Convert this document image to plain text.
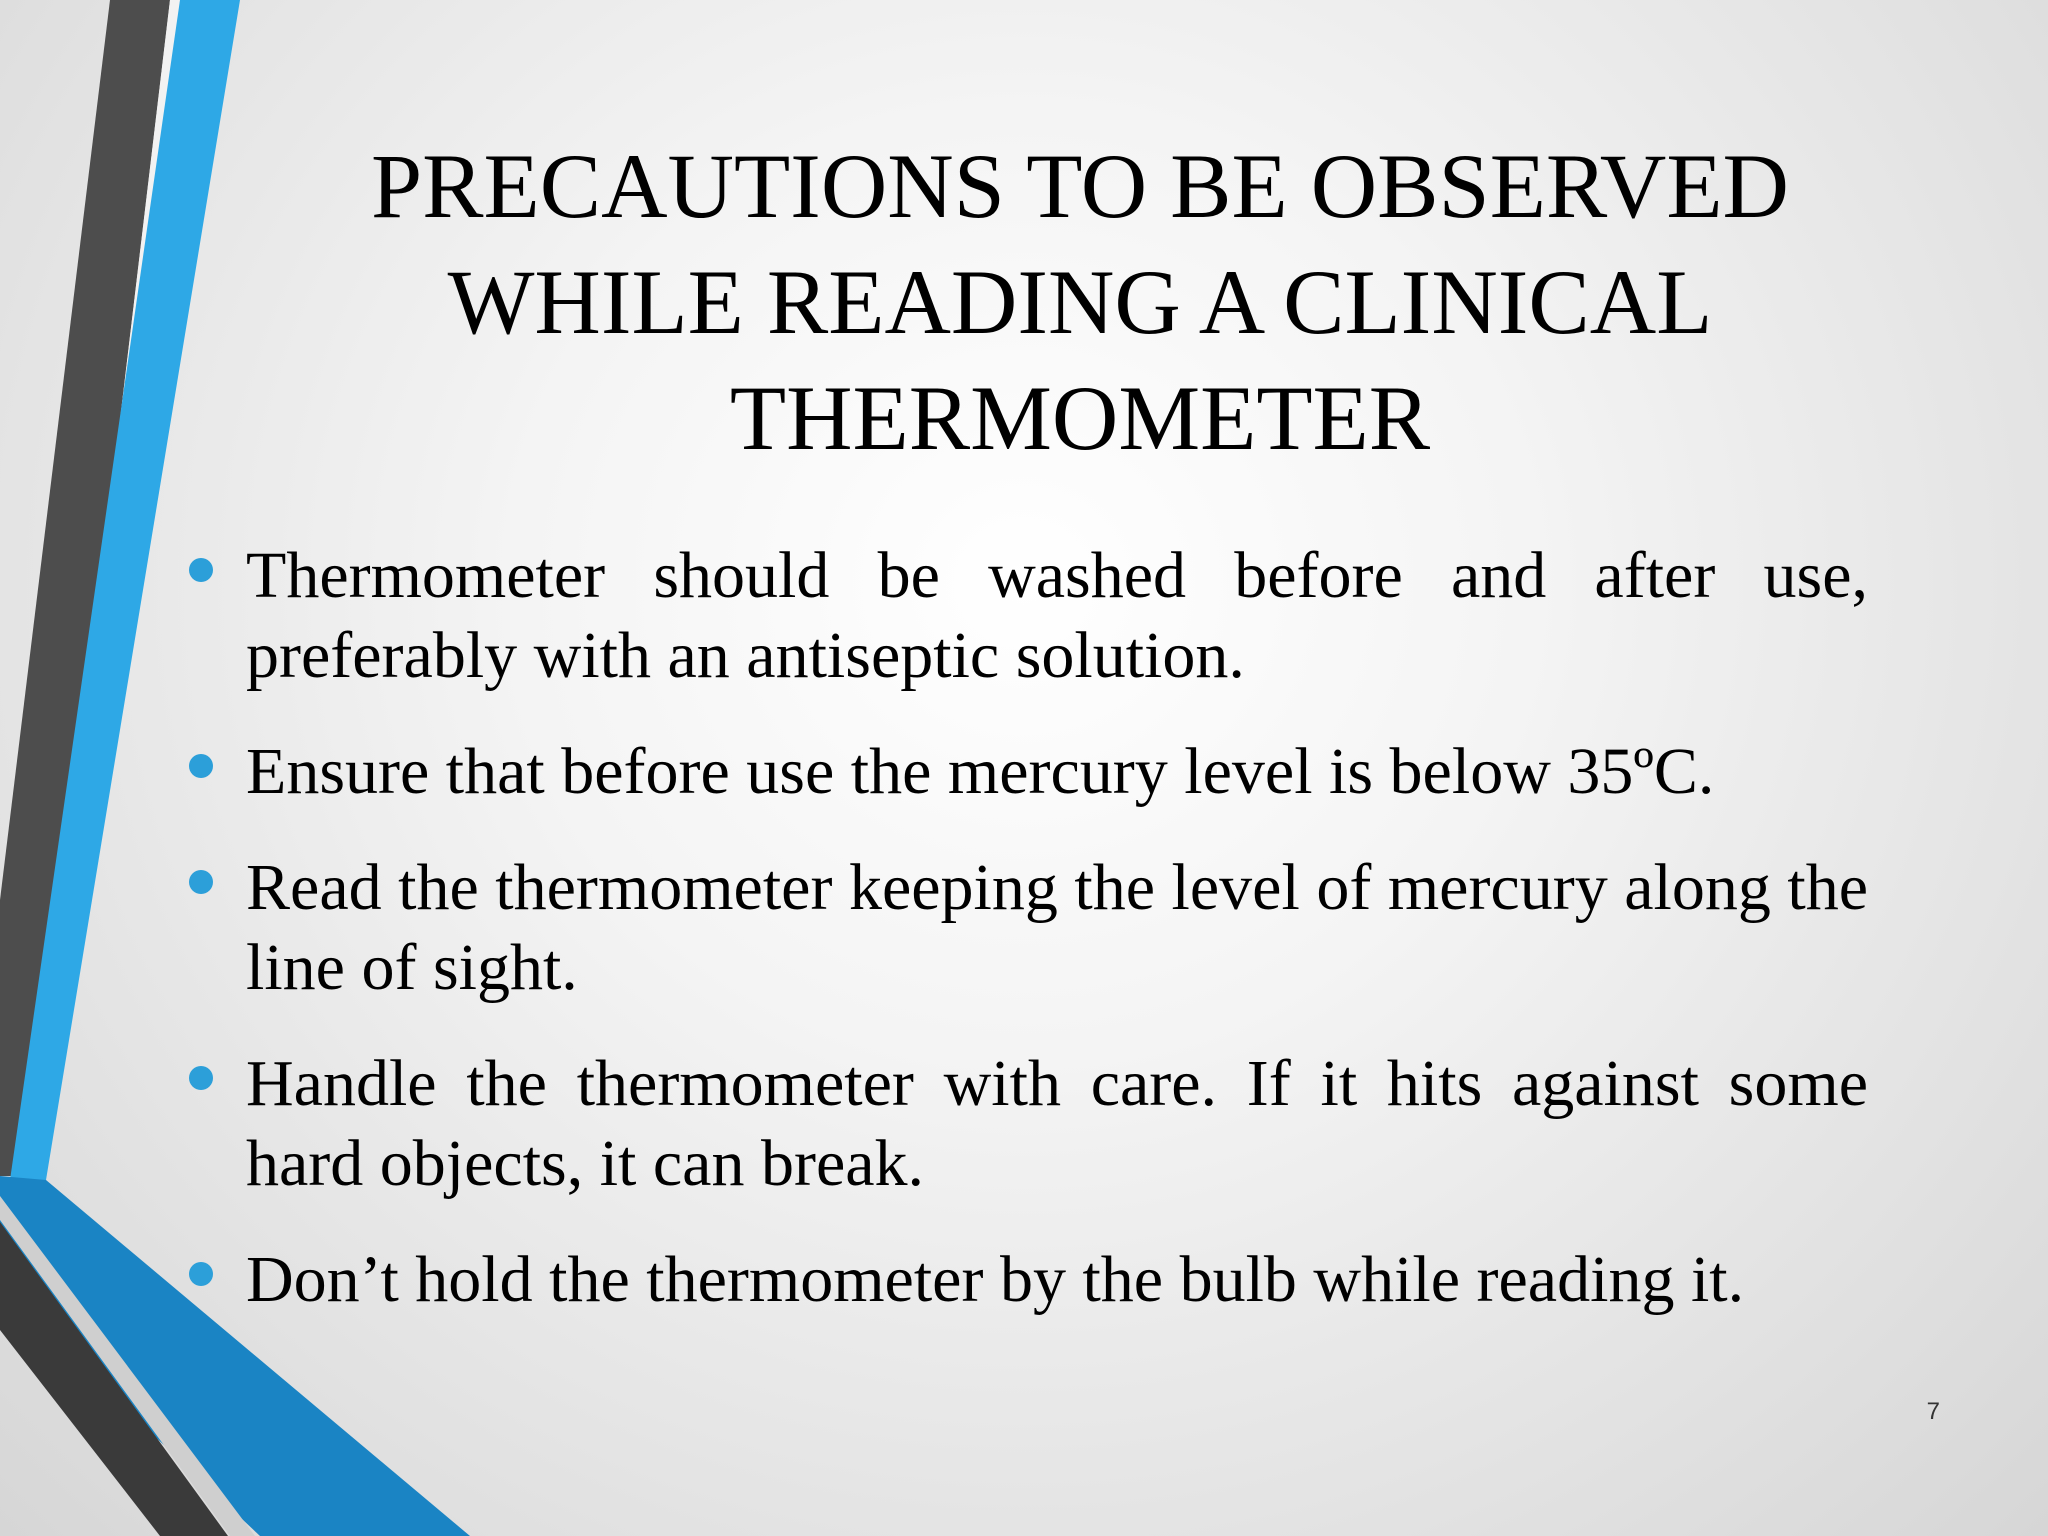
PRECAUTIONS TO BE OBSERVED
WHILE READING A CLINICAL
THERMOMETER
Thermometer should be washed before and after use, preferably with an antiseptic solution.
Ensure that before use the mercury level is below 35ºC.
Read the thermometer keeping the level of mercury along the line of sight.
Handle the thermometer with care. If it hits against some hard objects, it can break.
Don’t hold the thermometer by the bulb while reading it.
7
